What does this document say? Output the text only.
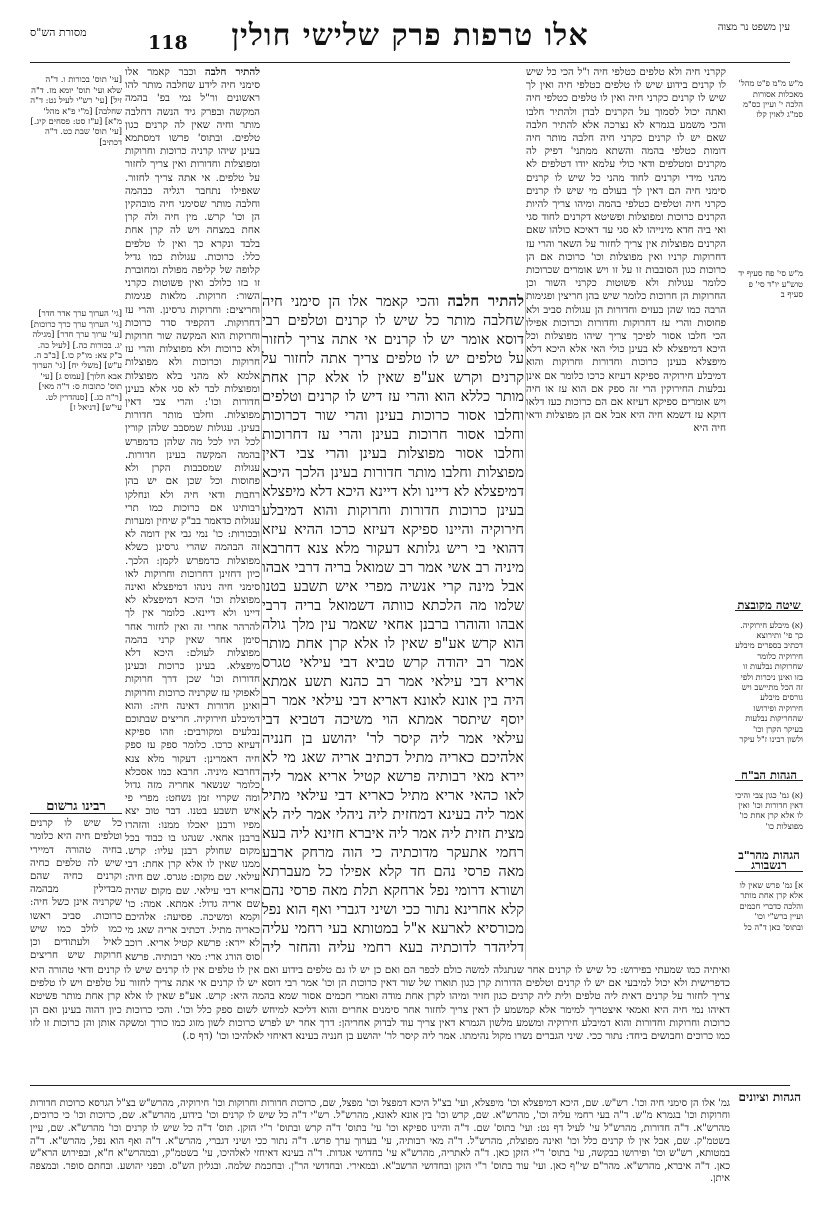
עין משפט נר מצוה
אלו טרפות פרק שלישי חולין
118
מסורת הש"ס

מ"ש מ"מ פ"ט מהל' מאכלות אסורות הלכה י' ועיין כס"מ סמ"ג לאוין קלז

מ"ש סי' פח סעיף יד טוש"ע יו"ד סי' פ סעיף ב

שיטה מקובצת

(א) מיבלע חירוקיה. כך פי' ותירוצא דכתיב בספרים מיבלע חירוקיה כלומר שחרוקות נבלעות זו בזו ואינן ניכרות ולפי זה הכל מתיישב ויש גורסים מיבלע חירוקיה ופירושו שהחריקות נבלעות בעיקר הקרן וכו' ולשון רבינו ז"ל עיקר

הגהות הב"ח

(א) גמ' כגון צבי והיכי דאין חדורות וכו' ואין לו אלא קרן אחת כו' מפוצלות כו'

הגהות מהר"ב רנשבורג

א] גמ' פרש שאין לו אלא קרן אחת מותר והלכה כדברי חכמים ועיין ברש"י וכו' ובתוס' כאן ד"ה כל

קקרני חיה ולא טלפים כטלפי חיה ו"ל הכי כל שיש לו קרנים בידוע שיש לו טלפים כטלפי חיה ואין לך שיש לו קרנים כקרני חיה ואין לו טלפים כטלפי חיה ואתה יכול לסמוך על הקרנים לבדן ולהתיר חלבו והכי משמע בגמרא לא נצרכה אלא להתיר חלבה שאם יש לו קרנים כקרני חיה חלבה מותר חיה דומות כטלפי בהמה והשתא ממתני' דפיק לה מקרנים ומטלפים ודאי כולי עלמא יודו דטלפים לא מהני מידי וקרנים לחוד מהני כל שיש לו קרנים סימני חיה הם דאין לך בעולם מי שיש לו קרנים כקרני חיה וטלפים כטלפי בהמה ומיהו צריך להיות הקרנים כרוכות ומפוצלות ופשיטא דקרנים לחוד סגי ואי ביה חדא מינייהו לא סגי עד דאיכא כולהו שאם הקרנים מפוצלות אין צריך לחזור על השאר והרי עז דחרוקות קרניו ואין מפוצלות וכו' כרוכות אם הן כרוכות כגון הסובבות זו על זו ויש אומרים שכרוכות כלומר עגולות ולא פשוטות כקרני השור וכן החרוקות הן חרוכות כלומר שיש בהן חריצין ופגימות הרבה כמו שהן בעזים וחדורות הן עגולות סביב ולא פחוסות והרי עז דחרוקות וחדורות וכרוכות אפילו הכי חלבו אסור לפיכך צריך שיהו מפוצלות וכל היכא דמיפצלא לא בעינן כולי האי אלא היכא דלא מיפצלא בעינן כרוכות וחדורות וחרוקות והוא דמיבלע חירוקיה ספיקא דעיזא כרכו כלומר אם אינן נבלעות החירוקין הרי זה ספק אם הוא עז או חיה ויש אומרים ספיקא דעיזא אם הם כרוכות כעז דלאו דוקא עז דשמא חיה היא אבל אם הן מפוצלות ודאי חיה היא

להתיר חלבה והכי קאמר אלו הן סימני חיה שחלבה מותר כל שיש לו קרנים וטלפים רבי דוסא אומר יש לו קרנים אי אתה צריך לחזור על טלפים יש לו טלפים צריך אתה לחזור על קרנים וקרש אע"פ שאין לו אלא קרן אחת מותר כללא הוא והרי עז דיש לו קרנים וטלפים וחלבו אסור כרוכות בעינן והרי שור דכרוכות וחלבו אסור חרוכות בעינן והרי עז דחרוכות וחלבו אסור מפוצלות בעינן והרי צבי דאין מפוצלות וחלבו מותר חדורות בעינן הלכך היכא דמיפצלא לא דיינו ולא דיינא היכא דלא מיפצלא בעינן כרוכות חדורות וחרוקות והוא דמיבלע חירוקיה והיינו ספיקא דעיזא כרכו ההיא עיזא דהואי בי ריש גלותא דעקור מלא צנא דחרבא מיניה רב אשי אמר רב שמואל בריה דרבי אבהו אבל מינה קרי אנשיה מפרי איש תשבע בטנו שלמו מה הלכתא כוותה דשמואל בריה דרבי אבהו והוהרו ברבנן אחאי שאמר עין מלך גולה הוא קרש אע"פ שאין לו אלא קרן אחת מותר אמר רב יהודה קרש טביא דבי עילאי טגרס אריא דבי עילאי אמר רב כהנא תשע אמתא היה בין אונא לאונא דאריא דבי עילאי אמר רב יוסף שיתסר אמתא הוי משיכה דטביא דבי עילאי אמר ליה קיסר לר' יהושע בן חנניה אלהיכם כאריה מתיל דכתיב אריה שאג מי לא יירא מאי רבותיה פרשא קטיל אריא אמר ליה לאו כהאי אריא מתיל כאריא דבי עילאי מתיל אמר ליה בעינא דמחזית ליה ניהלי אמר ליה לא מצית חזית ליה אמר ליה איברא חזינא ליה בעא רחמי אתעקר מדוכתיה כי הוה מרחק ארבע מאה פרסי נהם חד קלא אפילו כל מעברתא ושורא דרומי נפל ארחקא תלת מאה פרסי נהם קלא אחרינא נתור ככי ושיני דגברי ואף הוא נפל מכורסיא לארעא א"ל במטותא בעי רחמי עליה דליהדר לדוכתיה בעא רחמי עליה והחזר ליה

להתיר חלבה וכבר קאמר אלו סימני חיה לידע שחלבה מותר להו ראשונים ור"ל נמי בפ' בהמה המקשה ובפרק גיד הנשה דחלבה מותר וחיה שאין לה קרנים כגון טלפים. ובתוס' פרשו דמסתמא בעינן שיהו קרניה כרוכות וחרוקות ומפוצלות וחדורות ואין צריך לחזור על טלפים. אי אתה צריך לחזור. שאפילו נתחבר רגליה כבהמה וחלבה מותר שסימני חיה מובהקין הן וכו' קרש. מין חיה ולה קרן אחת במצחה ויש לה קרן אחת בלבד ונקרא כך ואין לו טלפים כלל: כרוכות. עגולות כמו גדיל קלופה של קליפה מפולת ומחוברת זו בזו כלולב ואין פשוטות כקרני השור: חרוקות. מלאות פגימות וחריצים: וחרוקות גרסינן. והרי עז דחרוקות. דהקפיד סדר כרוכות וחרוקות הוא המקשה שור חרוקות ולא כרוכות ולא מפוצלות והרי עז חרוקות וכרוכות ולא מפוצלות אלמא לא מהני בלא מפוצלות ומפוצלות לבד לא סגי אלא בעינן חדורות וכו': והרי צבי דאין מפוצלות. וחלבו מותר חדורות בעינן. עגולות שמסבב שלהן קורין לכל היו לכל מה שלהן כדמפרש בהמה המקשה בעינן חדורות. עגולות שמסבבות הקרן ולא פחוסות וכל שכן אם יש בהן רחבות ודאי חיה ולא ונחלקו רבותינו אם כרוכות כמו תרי עגולות כדאמר בב"ק שיחין ומערות ובכורות: כו' נמי גבי אין דומה לא זה הבהמה שהרי גרסינן כשלא מפוצלות כדמפרש לקמן: הלכך. כיון דחזינן דחרוכות וחרוקות לאו סימני חיה נינהו דמיפצלא ואינה מפוצלת וכו' היכא דמיפצלא לא דיינו ולא דיינא. כלומר אין לך להרהר אחרי זה ואין לחזור אחר סימן אחר שאין קרני בהמה מפוצלות לעולם: היכא דלא מיפצלא. בעינן כרוכות ובעינן חדורות וכו' שכן דרך חרוקות לאפוקי עז שקרניה כרוכות וחרוקות ואינן חדורות דאינה חיה: והוא דמיבלע חירוקיה. חריצים שבתוכם נבלעים ומקורבים: וזהו ספיקא דעיזא כרכו. כלומר ספק עז ספק חיה דאמרינן: דעקור מלא צנא דחרבא מיניה. חרבא כמו אסכלא כלומר שנשאר אחריה מזה גדול ומה שקרוי זמן נשחט: מפרי פי איש תשבע בטנו. דבר טוב יצא מפיו ורבנן יאכלו ממנו: והזהרו ברבנן אחאי. שנהגו בו כבוד בכל מקום שחולק רבנן עליו: קרש. ממנו שאין לו אלא קרן אחת: דבי עילאי. שם מקום: טגרס. שם חיה: אריא דבי עילאי. שם מקום שהיה שם אריה גדול: אמתא. אמה: כו' וקמא ומשיכה. פסיעה: אלהיכם כאריה מתיל. דכתיב אריה שאג מי לא יירא: פרשא קטיל אריא. רוכב סוס הורג ארי: מאי רבותיה. פרשא

רבינו גרשום

כל שיש לו קרנים וטלפים חיה היא כלומר בחיה טהורה דמיירי שיש לה טלפים כחיה וקרנים כחיה שהם מבדילין מבהמה שקרניה אינן כשל חיה: כרוכות. סביב ראשו כמו לולב כמו שיש לאיל ולעתודים וכן חרוקות שיש חריצים

[עי' תוס' בכורות ו. ד"ה שלא ועי' תוס' יומא מז. ד"ה זיל] [עי' רש"י לעיל נט: ד"ה שחלבה] [מ"י פ"א מהל' מ"א] [ע"ז סט: פסחים קיג.] [עי' תוס' שבת כט. ד"ה דכתיב]

[גי' הערוך ערך אדר חדר] [גי' הערוך ערך כרך כרוכות] [עי' ערוך ערך חדר] [מגילה יג. בכורות כה.] [לעיל כה. ב"ק צא: מו"ק כו.] [ב"ב ה. ע"ש] [משלי יח] [גי' הערוך אבא חלוך] [עמוס ג] [עי' תוס' כתובות ס: ד"ה מאי] [ר"ה כג.] [סנהדרין לט. עי"ש] [דניאל ז]

ואיתיה כמו שמעתי בפירוש: כל שיש לו קרנים אחר שנתגלה למשה כולם לכפר הם ואם כן יש לו גם טלפים בידוע ואם אין לו טלפים אין לו קרנים שיש לו קרנים ודאי טהורה היא כדפרישית ולא יכול למיבעי אם יש לו קרנים וטלפים הדורות קרן כגון תוארו של שור דאין כרוכות הן וכו' אמר רבי דוסא יש לו קרנים אי אתה צריך לחזור על טלפים ויש לו טלפים צריך לחזור על קרנים דאית ליה טלפים ולית ליה קרנים כגון חזיר ומיהו לקרן אחת מודה ואמרי חכמים אסור שמא בהמה היא: קרש. אע"פ שאין לו אלא קרן אחת מותר פשיטא דאיהו נמי חיה היא ואמאי איצטריך למימר אלא קמשמע לן דאין צריך לחזור אחר סימנים אחרים והוא דליכא למיחש לשום ספק כלל וכו'. והכי כרוכות כיון דהוה בעינן ואם הן כרוכות וחרוקות וחדורות והוא דמיבלע חירוקיה ומשמע מלשון הגמרא דאין צריך עוד לבדוק אחריהן: דרך אחר יש לפרש כרוכות לשון מזוג כמו כורך ומשקה אותן והן כרוכות זו לזו כמו כרוכים וחבושים ביחד: נתור ככי. שיני הגברים נשרו מקול נהימתו. אמר ליה קיסר לר' יהושע בן חנניה בעינא דאיחזי לאלהיכו וכו' (דף ס.)

הגהות וציונים

גמ' אלו הן סימני חיה וכו'. רש"ש. שם, היכא דמיפצלא וכו' מיפצלא, ועי' בצ"ל היכא דמפצל וכו' מפצל, שם, כרוכות חדורות וחרוקות וכו' חירוקיה, מהרש"ש בצ"ל הגרסא כרוכות חדורות וחרוקות וכו' בגמרא מ"ש. ד"ה בעי רחמי עליה וכו', מהרש"א. שם, קרש וכו' בין אונא לאונא, מהרש"ל. רש"י ד"ה כל שיש לו קרנים וכו' בידוע, מהרש"א. שם, כרוכות וכו' כי כרוכים, מהרש"א. ד"ה חדורות, מהרש"ל עי' לעיל דף נט: ועי' בתוס' שם. ד"ה והיינו ספיקא וכו' עי' בתוס' ד"ה קרש ובתוס' ר"י הזקן. תוס' ד"ה כל שיש לו קרנים וכו' מהרש"א. שם, עיין בשטמ"ק. שם, אבל אין לו קרנים כלל וכו' ואינה מפוצלת, מהרש"ל. ד"ה מאי רבותיה, עי' בערוך ערך פרש. ד"ה נתור ככי ושיני דגברי, מהרש"א. ד"ה ואף הוא נפל, מהרש"א. ד"ה במטותא, רש"ש וכו' ופירושו בבקשה, עי' בתוס' ר"י הזקן כאן. ד"ה לאתריה, מהרש"א עי' בחדושי אגדות. ד"ה בעינא דאיחזי לאלהיכו, עי' בשטמ"ק, ובמהרש"א ח"א, ובפירוש הרא"ש כאן. ד"ה איברא, מהרש"א. מהר"ם שי"ף כאן. ועי' עוד בתוס' ר"י הזקן ובחדושי הרשב"א. ובמאירי. ובחדושי הר"ן. ובחכמת שלמה. ובגליון הש"ס. ובפני יהושע. ובחתם סופר. ובמצפה איתן.
